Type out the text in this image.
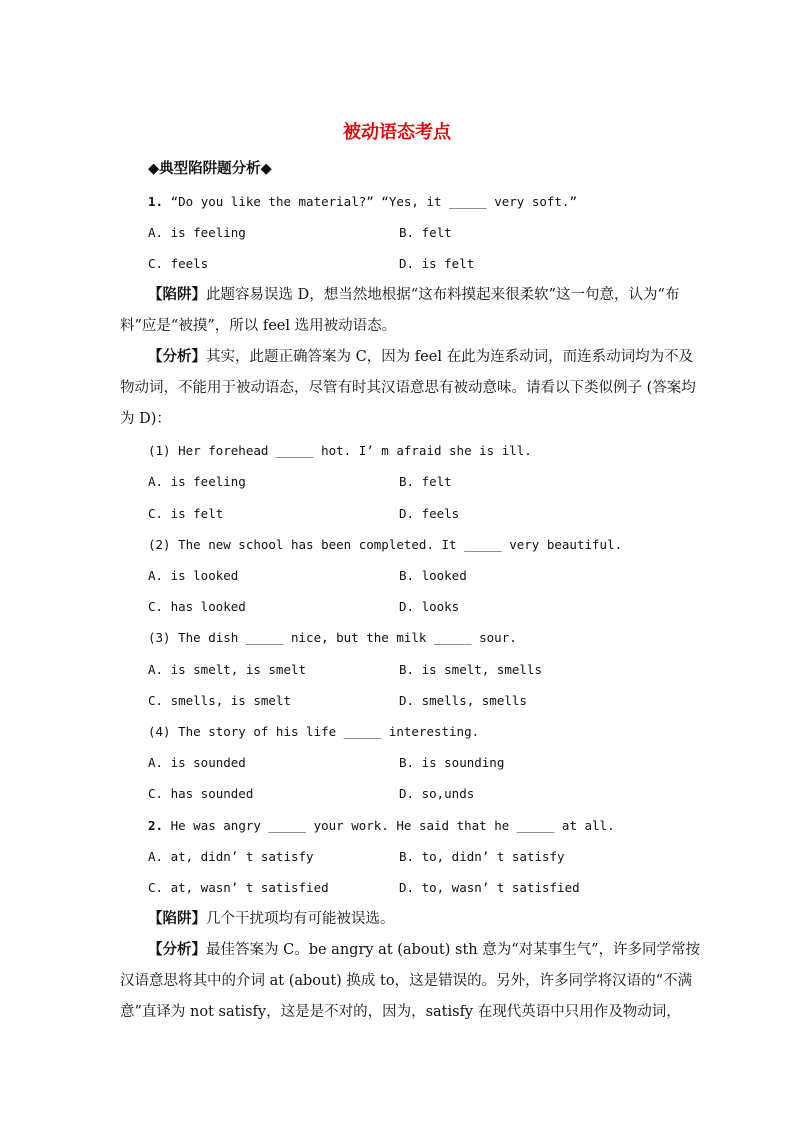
被动语态考点
◆典型陷阱题分析◆
1. “Do you like the material?” “Yes, it _____ very soft.”
A. is feeling	B. felt
C. feels	D. is felt
【陷阱】此题容易误选 D，想当然地根据“这布料摸起来很柔软”这一句意，认为“布
料”应是“被摸”，所以 feel 选用被动语态。
【分析】其实，此题正确答案为 C，因为 feel 在此为连系动词，而连系动词均为不及
物动词，不能用于被动语态，尽管有时其汉语意思有被动意味。请看以下类似例子 (答案均
为 D)：
(1) Her forehead _____ hot. I’ m afraid she is ill.
A. is feeling	B. felt
C. is felt	D. feels
(2) The new school has been completed. It _____ very beautiful.
A. is looked	B. looked
C. has looked	D. looks
(3) The dish _____ nice, but the milk _____ sour.
A. is smelt, is smelt	B. is smelt, smells
C. smells, is smelt	D. smells, smells
(4) The story of his life _____ interesting.
A. is sounded	B. is sounding
C. has sounded	D. so,unds
2. He was angry _____ your work. He said that he _____ at all.
A. at, didn’ t satisfy	B. to, didn’ t satisfy
C. at, wasn’ t satisfied	D. to, wasn’ t satisfied
【陷阱】几个干扰项均有可能被误选。
【分析】最佳答案为 C。be angry at (about) sth 意为“对某事生气”，许多同学常按
汉语意思将其中的介词 at (about) 换成 to，这是错误的。另外，许多同学将汉语的“不满
意”直译为 not satisfy，这是是不对的，因为，satisfy 在现代英语中只用作及物动词，
